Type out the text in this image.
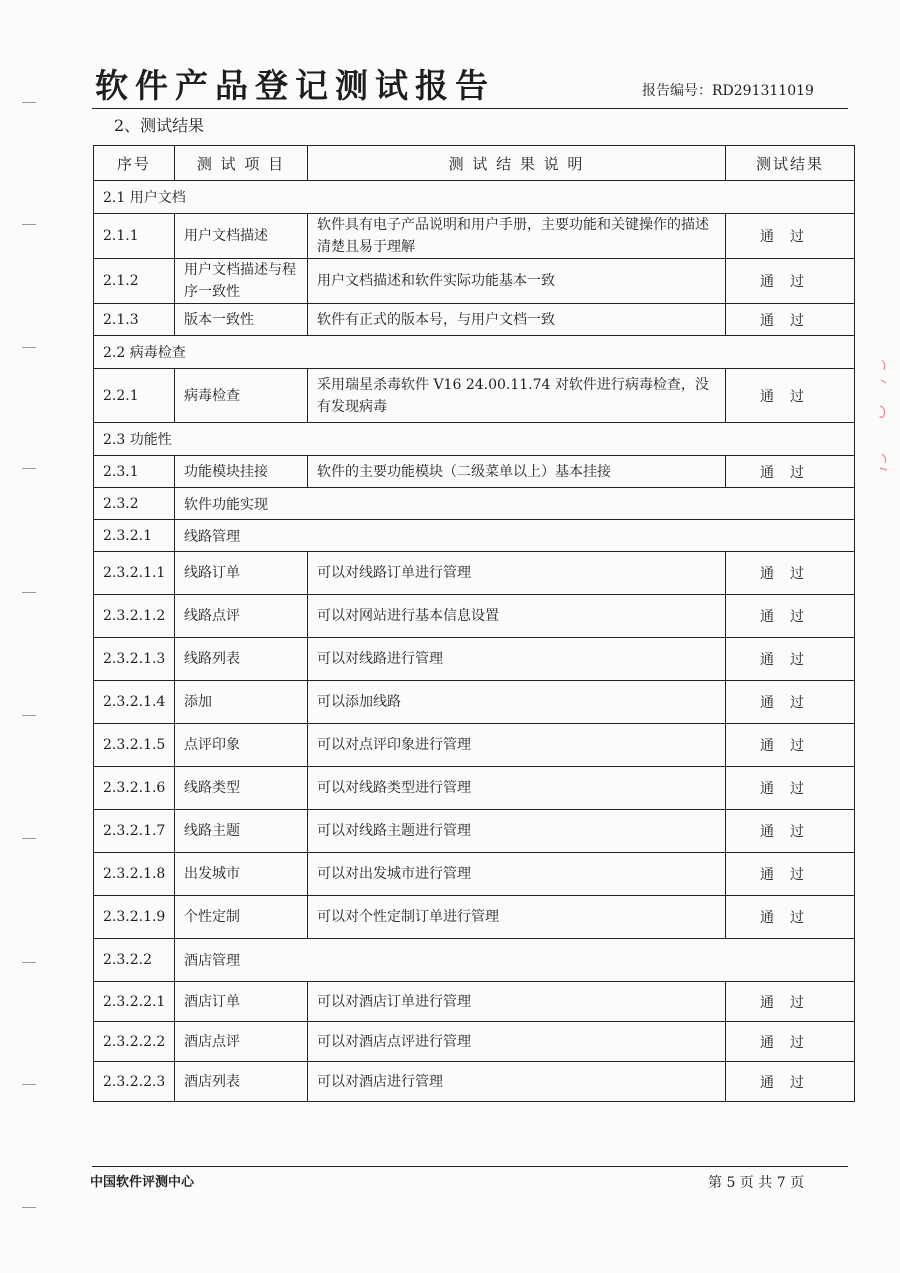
软件产品登记测试报告	报告编号：RD291311019
2、测试结果
序号	测 试 项 目	测 试 结 果 说 明	测试结果
2.1 用户文档			
2.1.1	用户文档描述	软件具有电子产品说明和用户手册，主要功能和关键操作的描述清楚且易于理解	通过
2.1.2	用户文档描述与程序一致性	用户文档描述和软件实际功能基本一致	通过
2.1.3	版本一致性	软件有正式的版本号，与用户文档一致	通过
2.2 病毒检查			
2.2.1	病毒检查	采用瑞星杀毒软件 V16 24.00.11.74 对软件进行病毒检查，没有发现病毒	通过
2.3 功能性			
2.3.1	功能模块挂接	软件的主要功能模块（二级菜单以上）基本挂接	通过
2.3.2	软件功能实现		
2.3.2.1	线路管理		
2.3.2.1.1	线路订单	可以对线路订单进行管理	通过
2.3.2.1.2	线路点评	可以对网站进行基本信息设置	通过
2.3.2.1.3	线路列表	可以对线路进行管理	通过
2.3.2.1.4	添加	可以添加线路	通过
2.3.2.1.5	点评印象	可以对点评印象进行管理	通过
2.3.2.1.6	线路类型	可以对线路类型进行管理	通过
2.3.2.1.7	线路主题	可以对线路主题进行管理	通过
2.3.2.1.8	出发城市	可以对出发城市进行管理	通过
2.3.2.1.9	个性定制	可以对个性定制订单进行管理	通过
2.3.2.2	酒店管理		
2.3.2.2.1	酒店订单	可以对酒店订单进行管理	通过
2.3.2.2.2	酒店点评	可以对酒店点评进行管理	通过
2.3.2.2.3	酒店列表	可以对酒店进行管理	通过
中国软件评测中心	第 5 页 共 7 页
